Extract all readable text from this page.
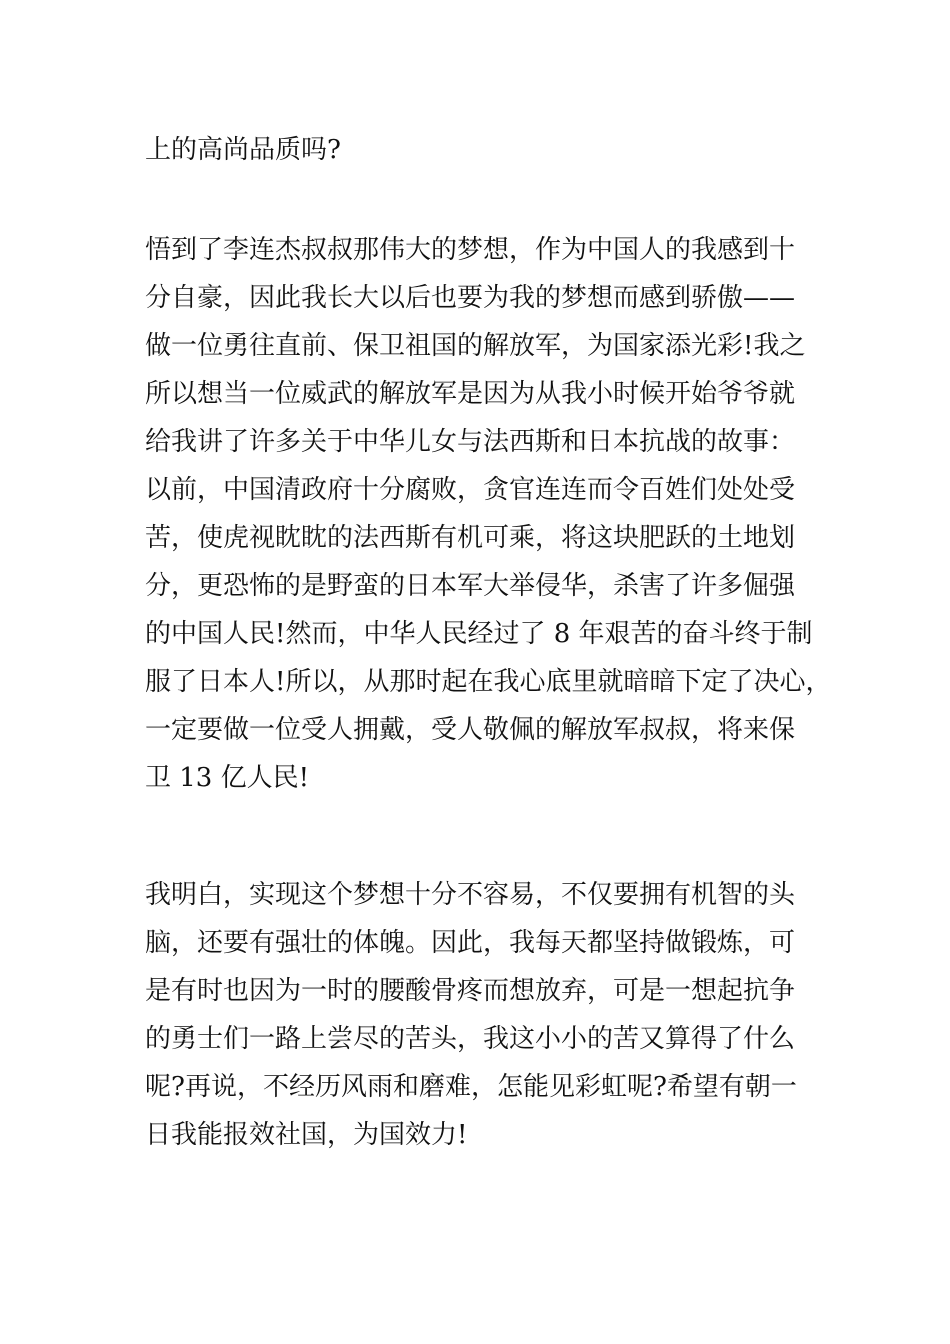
上的高尚品质吗?
悟到了李连杰叔叔那伟大的梦想，作为中国人的我感到十
分自豪，因此我长大以后也要为我的梦想而感到骄傲——
做一位勇往直前、保卫祖国的解放军，为国家添光彩!我之
所以想当一位威武的解放军是因为从我小时候开始爷爷就
给我讲了许多关于中华儿女与法西斯和日本抗战的故事：
以前，中国清政府十分腐败，贪官连连而令百姓们处处受
苦，使虎视眈眈的法西斯有机可乘，将这块肥跃的土地划
分，更恐怖的是野蛮的日本军大举侵华，杀害了许多倔强
的中国人民!然而，中华人民经过了 8 年艰苦的奋斗终于制
服了日本人!所以，从那时起在我心底里就暗暗下定了决心，
一定要做一位受人拥戴，受人敬佩的解放军叔叔，将来保
卫 13 亿人民!
我明白，实现这个梦想十分不容易，不仅要拥有机智的头
脑，还要有强壮的体魄。因此，我每天都坚持做锻炼，可
是有时也因为一时的腰酸骨疼而想放弃，可是一想起抗争
的勇士们一路上尝尽的苦头，我这小小的苦又算得了什么
呢?再说，不经历风雨和磨难，怎能见彩虹呢?希望有朝一
日我能报效社国，为国效力!
